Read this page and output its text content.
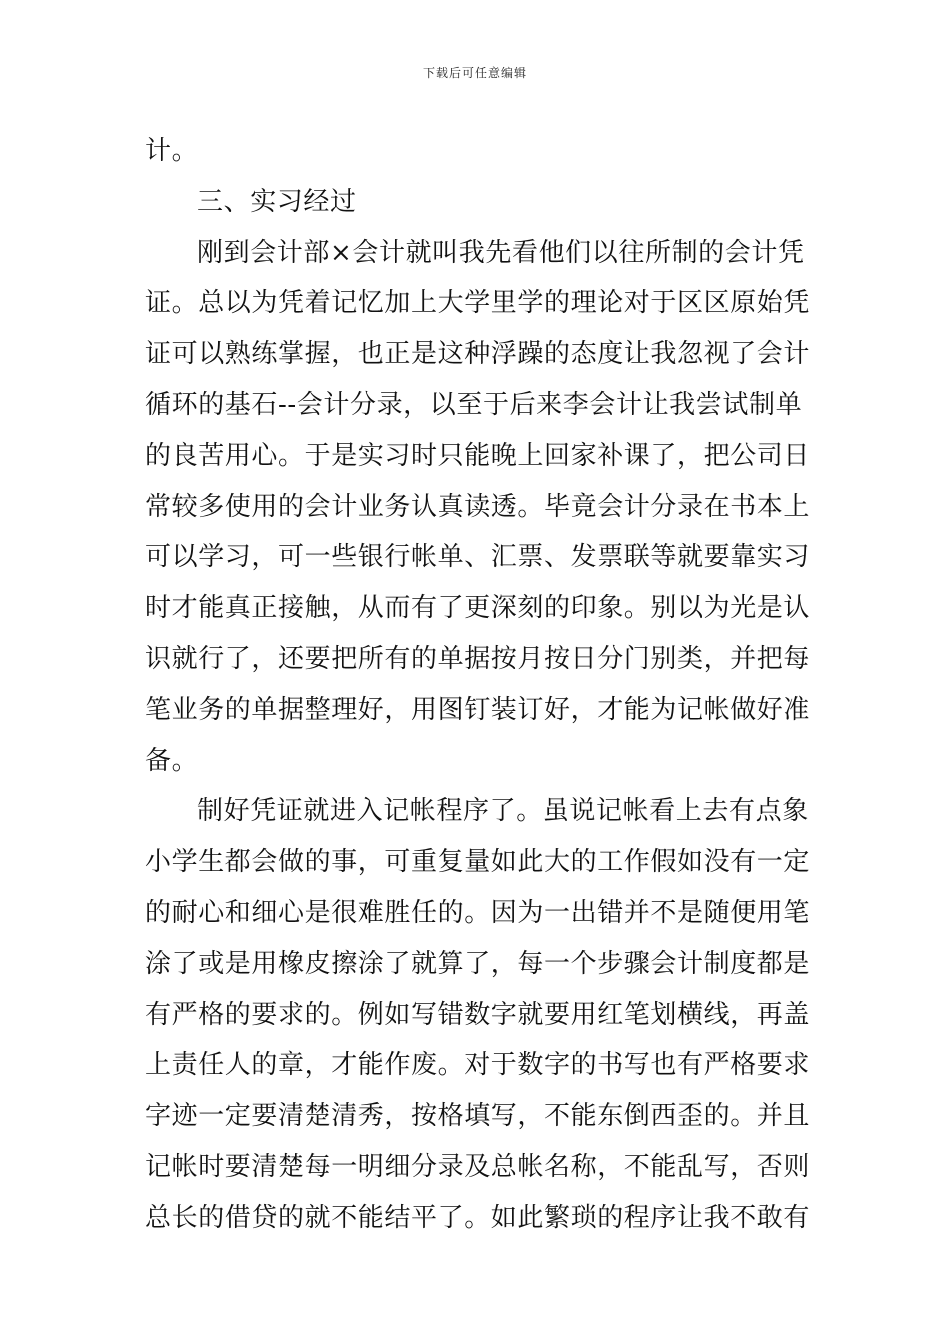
下载后可任意编辑
计。
三、实习经过
刚到会计部×会计就叫我先看他们以往所制的会计凭
证。总以为凭着记忆加上大学里学的理论对于区区原始凭
证可以熟练掌握，也正是这种浮躁的态度让我忽视了会计
循环的基石--会计分录，以至于后来李会计让我尝试制单
的良苦用心。于是实习时只能晚上回家补课了，把公司日
常较多使用的会计业务认真读透。毕竟会计分录在书本上
可以学习，可一些银行帐单、汇票、发票联等就要靠实习
时才能真正接触，从而有了更深刻的印象。别以为光是认
识就行了，还要把所有的单据按月按日分门别类，并把每
笔业务的单据整理好，用图钉装订好，才能为记帐做好准
备。
制好凭证就进入记帐程序了。虽说记帐看上去有点象
小学生都会做的事，可重复量如此大的工作假如没有一定
的耐心和细心是很难胜任的。因为一出错并不是随便用笔
涂了或是用橡皮擦涂了就算了，每一个步骤会计制度都是
有严格的要求的。例如写错数字就要用红笔划横线，再盖
上责任人的章，才能作废。对于数字的书写也有严格要求
字迹一定要清楚清秀，按格填写，不能东倒西歪的。并且
记帐时要清楚每一明细分录及总帐名称，不能乱写，否则
总长的借贷的就不能结平了。如此繁琐的程序让我不敢有
